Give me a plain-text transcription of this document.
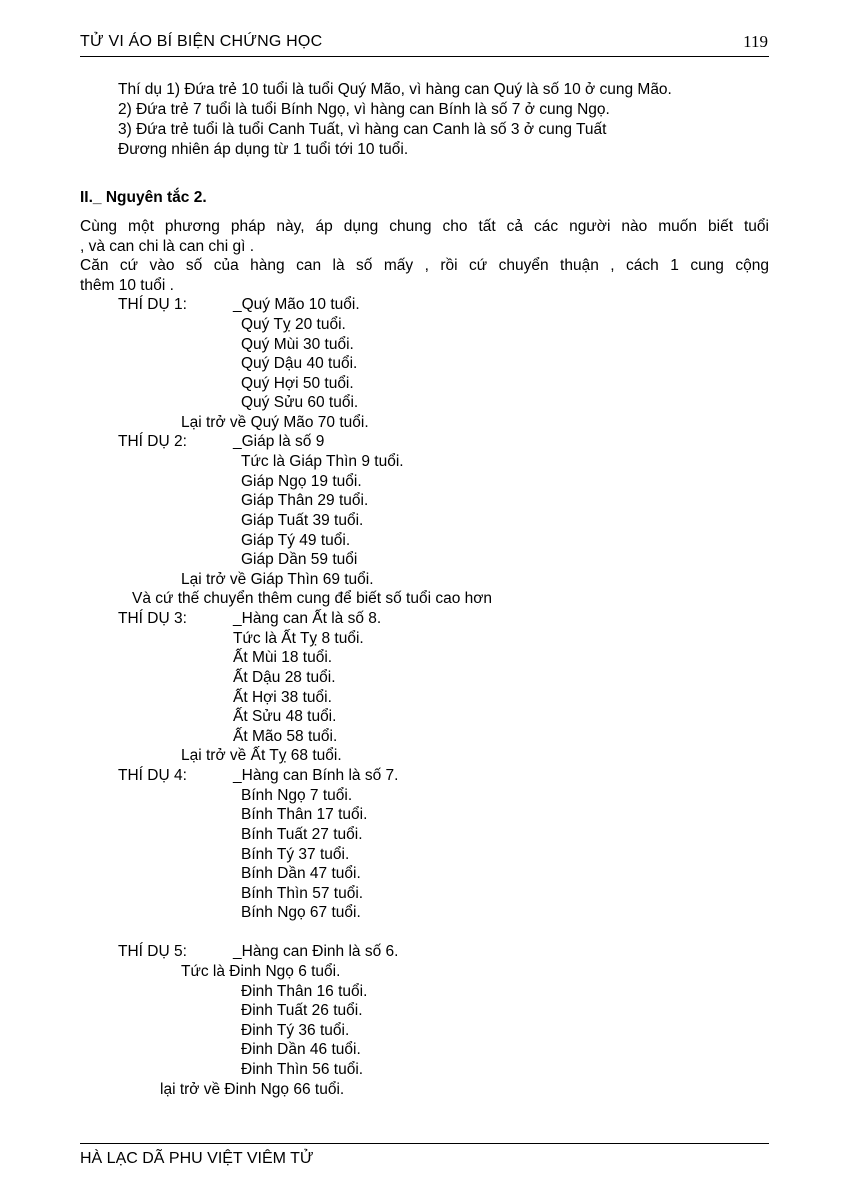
TỬ VI ÁO BÍ BIỆN CHỨNG HỌC	119
Thí dụ 1) Đứa trẻ 10 tuổi là tuổi Quý Mão, vì hàng can Quý là số 10 ở cung Mão.
2) Đứa trẻ 7 tuổi là tuổi Bính Ngọ, vì hàng can Bính là số 7 ở cung Ngọ.
3) Đứa trẻ tuổi là tuổi Canh Tuất, vì hàng can Canh là số 3 ở cung Tuất
Đương nhiên áp dụng từ 1 tuổi tới 10 tuổi.
II._ Nguyên tắc 2.
Cùng một phương pháp này, áp dụng chung cho tất cả các người nào muốn biết tuổi
, và can chi là can chi gì .
Căn cứ vào số của hàng can là số mấy , rồi cứ chuyển thuận , cách 1 cung cộng
thêm 10 tuổi .
THÍ DỤ 1:	_Quý Mão 10 tuổi.
Quý Tỵ 20 tuổi.
Quý Mùi 30 tuổi.
Quý Dậu 40 tuổi.
Quý Hợi 50 tuổi.
Quý Sửu 60 tuổi.
Lại trở về Quý Mão 70 tuổi.
THÍ DỤ 2:	_Giáp là số 9
Tức là Giáp Thìn 9 tuổi.
Giáp Ngọ 19 tuổi.
Giáp Thân 29 tuổi.
Giáp Tuất 39 tuổi.
Giáp Tý 49 tuổi.
Giáp Dần 59 tuổi
Lại trở về Giáp Thìn 69 tuổi.
Và cứ thế chuyển thêm cung để biết số tuổi cao hơn
THÍ DỤ 3:	_Hàng can Ất là số 8.
Tức là Ất Tỵ 8 tuổi.
Ất Mùi 18 tuổi.
Ất Dậu 28 tuổi.
Ất Hợi 38 tuổi.
Ất Sửu 48 tuổi.
Ất Mão 58 tuổi.
Lại trở về Ất Tỵ 68 tuổi.
THÍ DỤ 4:	_Hàng can Bính là số 7.
Bính Ngọ 7 tuổi.
Bính Thân 17 tuổi.
Bính Tuất 27 tuổi.
Bính Tý 37 tuổi.
Bính Dần 47 tuổi.
Bính Thìn 57 tuổi.
Bính Ngọ 67 tuổi.
THÍ DỤ 5:	_Hàng can Đinh là số 6.
Tức là Đinh Ngọ 6 tuổi.
Đinh Thân 16 tuổi.
Đinh Tuất 26 tuổi.
Đinh Tý 36 tuổi.
Đinh Dần 46 tuổi.
Đinh Thìn 56 tuổi.
lại trở về Đinh Ngọ 66 tuổi.
HÀ LẠC DÃ PHU VIỆT VIÊM TỬ
